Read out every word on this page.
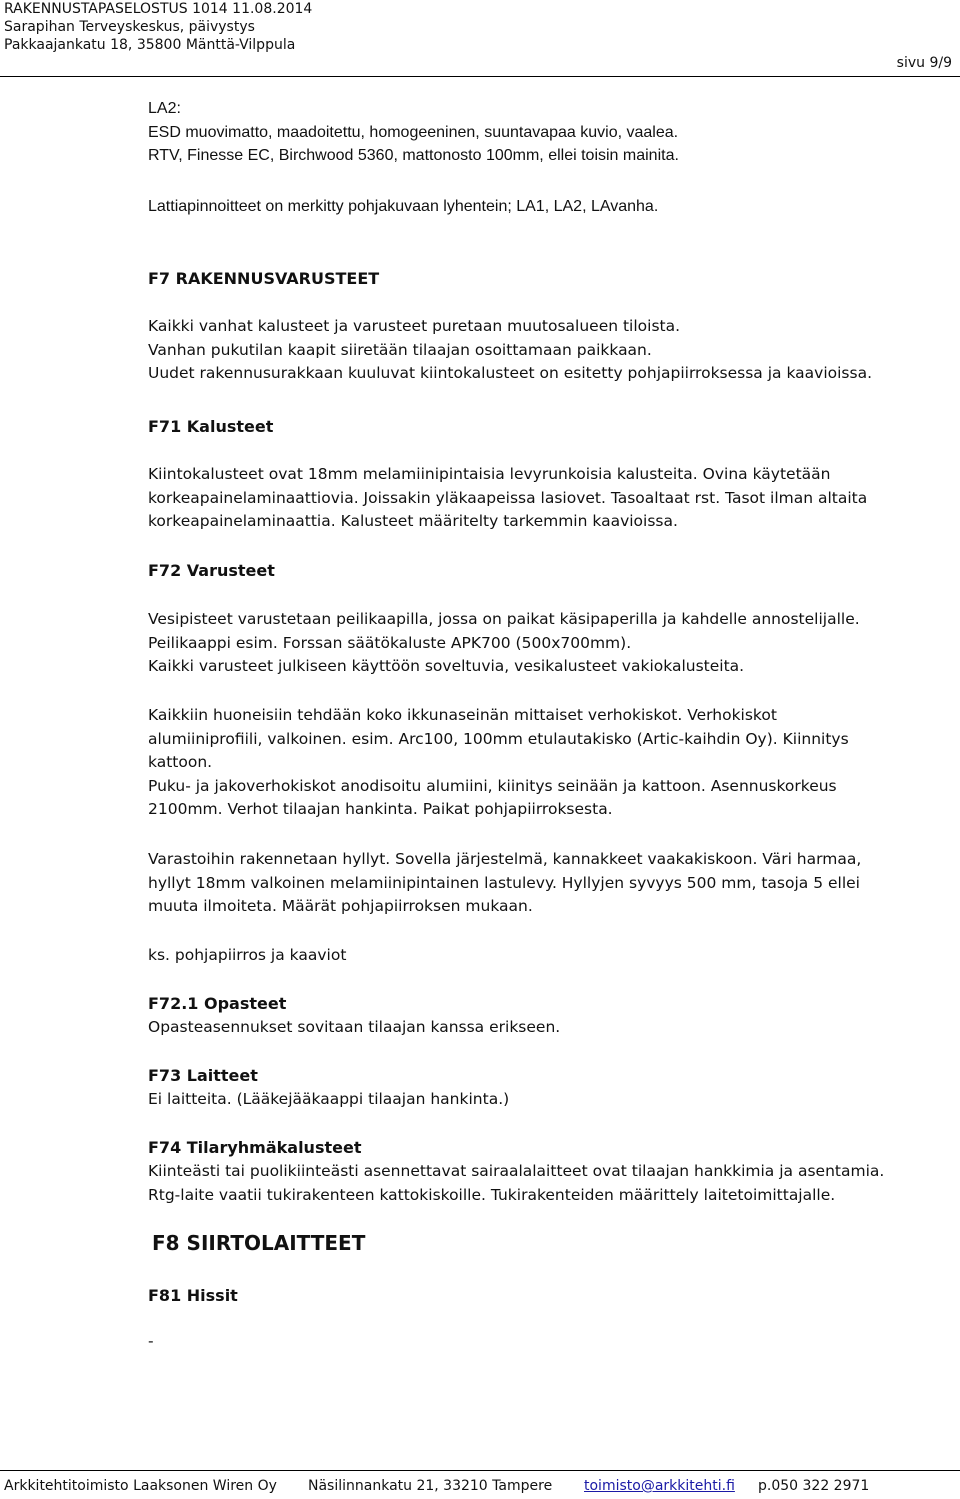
RAKENNUSTAPASELOSTUS 1014 11.08.2014
Sarapihan Terveyskeskus, päivystys
Pakkaajankatu 18, 35800 Mänttä-Vilppula
sivu 9/9
LA2:
ESD muovimatto, maadoitettu, homogeeninen, suuntavapaa kuvio, vaalea.
RTV, Finesse EC, Birchwood 5360, mattonosto 100mm, ellei toisin mainita.
Lattiapinnoitteet on merkitty pohjakuvaan lyhentein; LA1, LA2, LAvanha.
F7 RAKENNUSVARUSTEET
Kaikki vanhat kalusteet ja varusteet puretaan muutosalueen tiloista.
Vanhan pukutilan kaapit siiretään tilaajan osoittamaan paikkaan.
Uudet rakennusurakkaan kuuluvat kiintokalusteet on esitetty pohjapiirroksessa ja kaavioissa.
F71 Kalusteet
Kiintokalusteet ovat 18mm melamiinipintaisia levyrunkoisia kalusteita. Ovina käytetään
korkeapainelaminaattiovia. Joissakin yläkaapeissa lasiovet. Tasoaltaat rst. Tasot ilman altaita
korkeapainelaminaattia. Kalusteet määritelty tarkemmin kaavioissa.
F72 Varusteet
Vesipisteet varustetaan peilikaapilla, jossa on paikat käsipaperilla ja kahdelle annostelijalle.
Peilikaappi esim. Forssan säätökaluste APK700 (500x700mm).
Kaikki varusteet julkiseen käyttöön soveltuvia, vesikalusteet vakiokalusteita.
Kaikkiin huoneisiin tehdään koko ikkunaseinän mittaiset verhokiskot. Verhokiskot
alumiiniprofiili, valkoinen. esim. Arc100, 100mm etulautakisko (Artic-kaihdin Oy). Kiinnitys
kattoon.
Puku- ja jakoverhokiskot anodisoitu alumiini, kiinitys seinään ja kattoon. Asennuskorkeus
2100mm. Verhot tilaajan hankinta. Paikat pohjapiirroksesta.
Varastoihin rakennetaan hyllyt. Sovella järjestelmä, kannakkeet vaakakiskoon. Väri harmaa,
hyllyt 18mm valkoinen melamiinipintainen lastulevy. Hyllyjen syvyys 500 mm, tasoja 5 ellei
muuta ilmoiteta. Määrät pohjapiirroksen mukaan.
ks. pohjapiirros ja kaaviot
F72.1 Opasteet
Opasteasennukset sovitaan tilaajan kanssa erikseen.
F73 Laitteet
Ei laitteita. (Lääkejääkaappi tilaajan hankinta.)
F74 Tilaryhmäkalusteet
Kiinteästi tai puolikiinteästi asennettavat sairaalalaitteet ovat tilaajan hankkimia ja asentamia.
Rtg-laite vaatii tukirakenteen kattokiskoille. Tukirakenteiden määrittely laitetoimittajalle.
F8 SIIRTOLAITTEET
F81 Hissit
-
Arkkitehtitoimisto Laaksonen Wiren Oy Näsilinnankatu 21, 33210 Tampere toimisto@arkkitehti.fi p.050 322 2971
